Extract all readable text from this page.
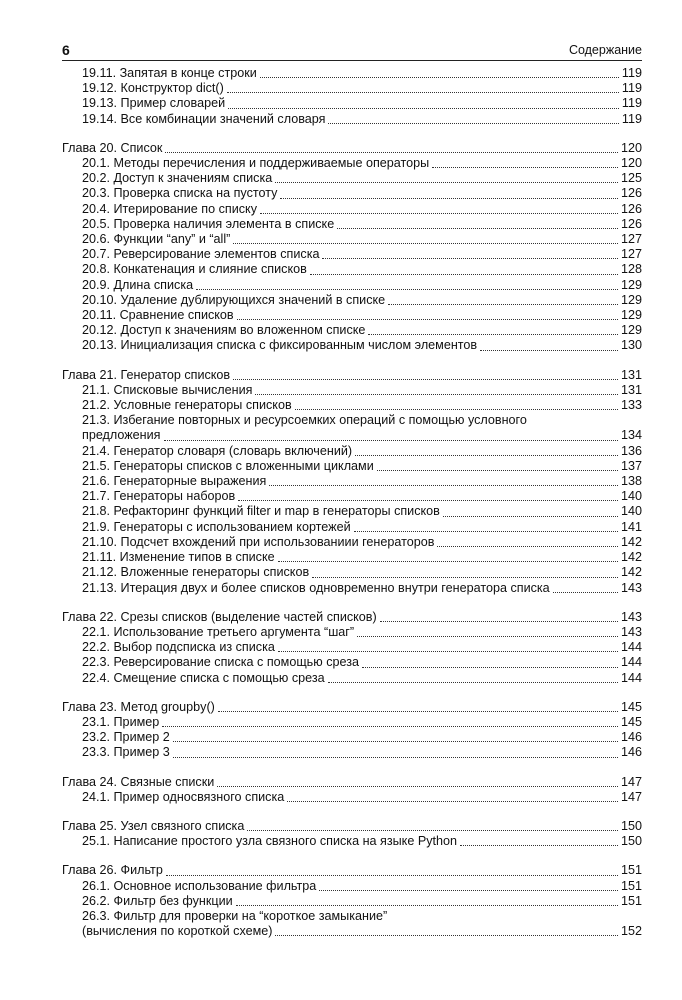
6	Содержание
19.11. Запятая в конце строки	119
19.12. Конструктор dict()	119
19.13. Пример словарей	119
19.14. Все комбинации значений словаря	119
Глава 20. Список	120
20.1. Методы перечисления и поддерживаемые операторы	120
20.2. Доступ к значениям списка	125
20.3. Проверка списка на пустоту	126
20.4. Итерирование по списку	126
20.5. Проверка наличия элемента в списке	126
20.6. Функции “any” и “all”	127
20.7. Реверсирование элементов списка	127
20.8. Конкатенация и слияние списков	128
20.9. Длина списка	129
20.10. Удаление дублирующихся значений в списке	129
20.11. Сравнение списков	129
20.12. Доступ к значениям во вложенном списке	129
20.13. Инициализация списка с фиксированным числом элементов	130
Глава 21. Генератор списков	131
21.1. Списковые вычисления	131
21.2. Условные генераторы списков	133
21.3. Избегание повторных и ресурсоемких операций с помощью условного
предложения	134
21.4. Генератор словаря (словарь включений)	136
21.5. Генераторы списков с вложенными циклами	137
21.6. Генераторные выражения	138
21.7. Генераторы наборов	140
21.8. Рефакторинг функций filter и map в генераторы списков	140
21.9. Генераторы с использованием кортежей	141
21.10. Подсчет вхождений при использованиии генераторов	142
21.11. Изменение типов в списке	142
21.12. Вложенные генераторы списков	142
21.13. Итерация двух и более списков одновременно внутри генератора списка	143
Глава 22. Срезы списков (выделение частей списков)	143
22.1. Использование третьего аргумента “шаг”	143
22.2. Выбор подсписка из списка	144
22.3. Реверсирование списка с помощью среза	144
22.4. Смещение списка с помощью среза	144
Глава 23. Метод groupby()	145
23.1. Пример	145
23.2. Пример 2	146
23.3. Пример 3	146
Глава 24. Связные списки	147
24.1. Пример односвязного списка	147
Глава 25. Узел связного списка	150
25.1. Написание простого узла связного списка на языке Python	150
Глава 26. Фильтр	151
26.1. Основное использование фильтра	151
26.2. Фильтр без функции	151
26.3. Фильтр для проверки на “короткое замыкание”
(вычисления по короткой схеме)	152
